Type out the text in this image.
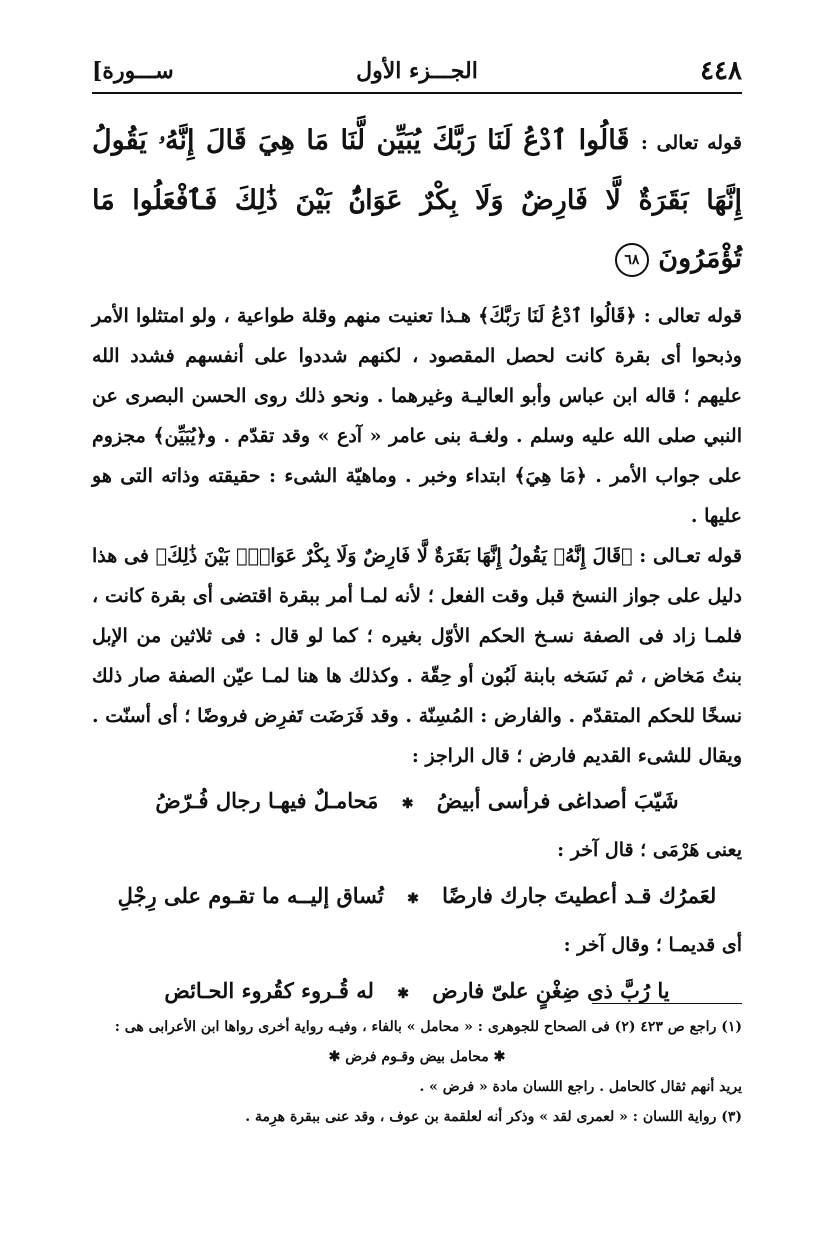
٤٤٨
الجـــزء الأول
[ســـورة
قوله تعالى : قَالُوا ٱدْعُ لَنَا رَبَّكَ يُبَيِّن لَّنَا مَا هِيَ قَالَ إِنَّهُۥ يَقُولُ إِنَّهَا بَقَرَةٌ لَّا فَارِضٌ وَلَا بِكْرٌ عَوَانٌۢ بَيْنَ ذَٰلِكَ فَٱفْعَلُوا مَا تُؤْمَرُونَ ٦٨

قوله تعالى : ﴿قَالُوا ٱدْعُ لَنَا رَبَّكَ﴾ هـذا تعنيت منهم وقلة طواعية ، ولو امتثلوا الأمر وذبحوا أى بقرة كانت لحصل المقصود ، لكنهم شددوا على أنفسهم فشدد الله عليهم ؛ قاله ابن عباس وأبو العاليـة وغيرهما . ونحو ذلك روى الحسن البصرى عن النبي صلى الله عليه وسلم . ولغـة بنى عامر « آدع » وقد تقدّم . و﴿يُبَيِّن﴾ مجزوم على جواب الأمر . ﴿مَا هِيَ﴾ ابتداء وخبر . وماهيّة الشىء : حقيقته وذاته التى هو عليها .

قوله تعـالى : ﴿قَالَ إِنَّهُۥ يَقُولُ إِنَّهَا بَقَرَةٌ لَّا فَارِضٌ وَلَا بِكْرٌ عَوَانٌۢ بَيْنَ ذَٰلِكَ﴾ فى هذا دليل على جواز النسخ قبل وقت الفعل ؛ لأنه لمـا أمر ببقرة اقتضى أى بقرة كانت ، فلمـا زاد فى الصفة نسـخ الحكم الأوّل بغيره ؛ كما لو قال : فى ثلاثين من الإبل بنتُ مَخاض ، ثم نَسَخه بابنة لَبُون أو حِقّة . وكذلك ها هنا لمـا عيّن الصفة صار ذلك نسخًا للحكم المتقدّم . والفارض : المُسِنّة . وقد فَرَضَت تَفرِض فروضًا ؛ أى أسنّت . ويقال للشىء القديم فارض ؛ قال الراجز :

شَيّبَ أصداغى فرأسى أبيضُ ✱ مَحامـلٌ فيهـا رجال فُـرّضُ
يعنى هَرْمَى ؛ قال آخر :
لعَمرُك قـد أعطيتَ جارك فارضًا ✱ تُساق إليــه ما تقـوم على رِجْلِ
أى قديمـا ؛ وقال آخر :
يا رُبَّ ذى ضِغْنٍ علىّ فارض ✱ له قُـروء كقُروء الحـائض
(١) راجع ص ٤٢٣ (٢) فى الصحاح للجوهرى : « محامل » بالفاء ، وفيـه رواية أخرى رواها ابن الأعرابى هى :
✱ محامل بيض وقـوم فرض ✱
يريد أنهم ثقال كالحامل . راجع اللسان مادة « فرض » .
(٣) رواية اللسان : « لعمرى لقد » وذكر أنه لعلقمة بن عوف ، وقد عنى ببقرة هرِمة .
